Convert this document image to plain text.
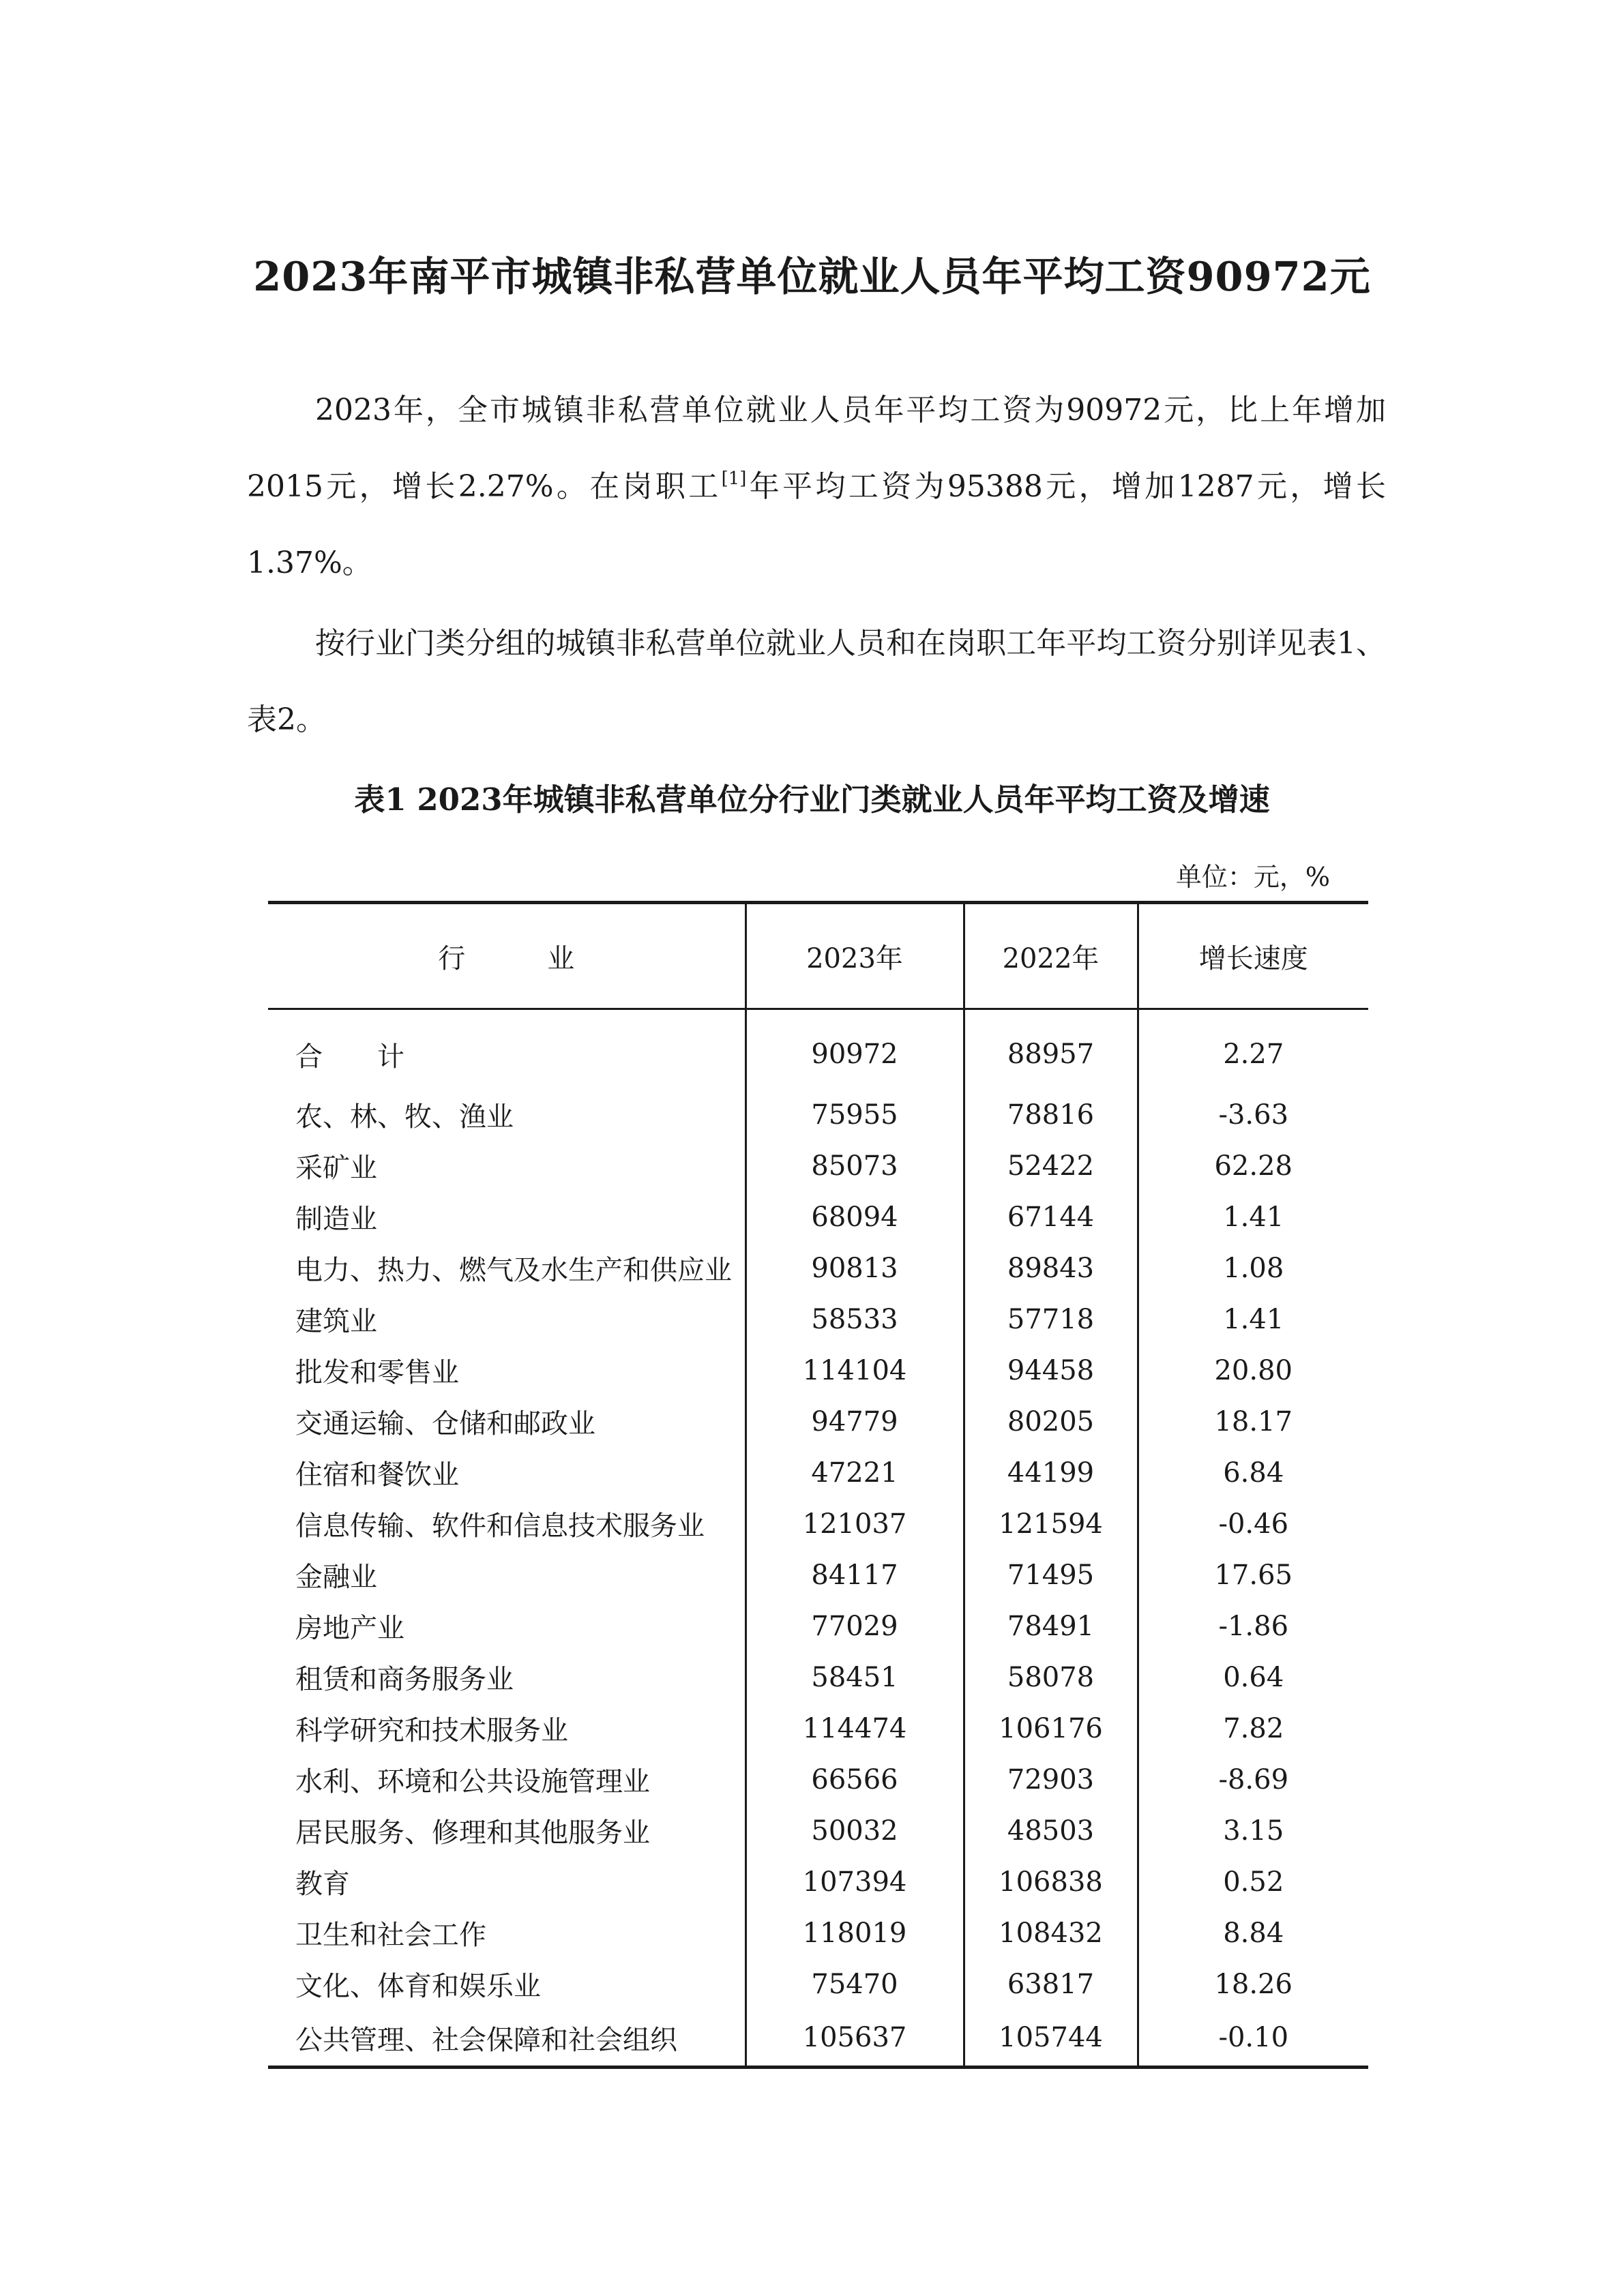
2023年南平市城镇非私营单位就业人员年平均工资90972元

2023年，全市城镇非私营单位就业人员年平均工资为90972元，比上年增加2015元，增长2.27%。在岗职工[1]年平均工资为95388元，增加1287元，增长1.37%。

按行业门类分组的城镇非私营单位就业人员和在岗职工年平均工资分别详见表1、表2。

表1 2023年城镇非私营单位分行业门类就业人员年平均工资及增速
单位：元，%
行　　　业	2023年	2022年	增长速度
合　　计	90972	88957	2.27
农、林、牧、渔业	75955	78816	-3.63
采矿业	85073	52422	62.28
制造业	68094	67144	1.41
电力、热力、燃气及水生产和供应业	90813	89843	1.08
建筑业	58533	57718	1.41
批发和零售业	114104	94458	20.80
交通运输、仓储和邮政业	94779	80205	18.17
住宿和餐饮业	47221	44199	6.84
信息传输、软件和信息技术服务业	121037	121594	-0.46
金融业	84117	71495	17.65
房地产业	77029	78491	-1.86
租赁和商务服务业	58451	58078	0.64
科学研究和技术服务业	114474	106176	7.82
水利、环境和公共设施管理业	66566	72903	-8.69
居民服务、修理和其他服务业	50032	48503	3.15
教育	107394	106838	0.52
卫生和社会工作	118019	108432	8.84
文化、体育和娱乐业	75470	63817	18.26
公共管理、社会保障和社会组织	105637	105744	-0.10
